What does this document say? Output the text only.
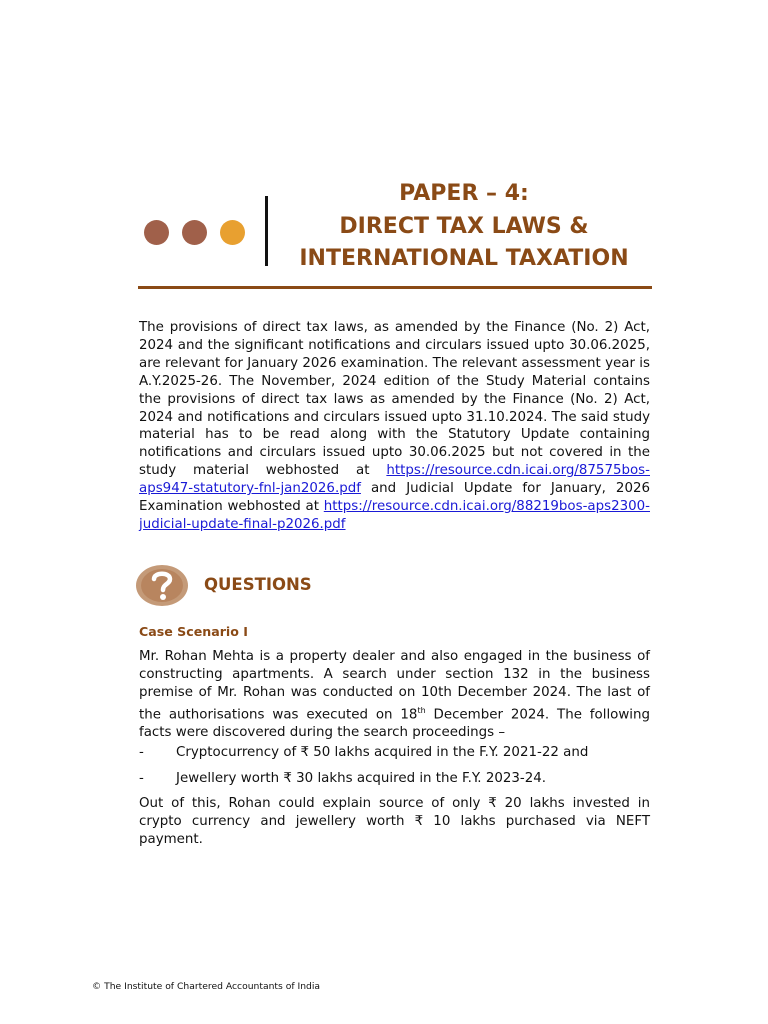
PAPER – 4:
DIRECT TAX LAWS &
INTERNATIONAL TAXATION
The provisions of direct tax laws, as amended by the Finance (No. 2) Act, 2024 and the significant notifications and circulars issued upto 30.06.2025, are relevant for January 2026 examination. The relevant assessment year is A.Y.2025-26. The November, 2024 edition of the Study Material contains the provisions of direct tax laws as amended by the Finance (No. 2) Act, 2024 and notifications and circulars issued upto 31.10.2024. The said study material has to be read along with the Statutory Update containing notifications and circulars issued upto 30.06.2025 but not covered in the study material webhosted at https://resource.cdn.icai.org/87575bos-aps947-statutory-fnl-jan2026.pdf and Judicial Update for January, 2026 Examination webhosted at https://resource.cdn.icai.org/88219bos-aps2300-judicial-update-final-p2026.pdf
QUESTIONS
Case Scenario I
Mr. Rohan Mehta is a property dealer and also engaged in the business of constructing apartments. A search under section 132 in the business premise of Mr. Rohan was conducted on 10th December 2024. The last of the authorisations was executed on 18th December 2024. The following facts were discovered during the search proceedings –
- Cryptocurrency of ₹ 50 lakhs acquired in the F.Y. 2021-22 and
- Jewellery worth ₹ 30 lakhs acquired in the F.Y. 2023-24.
Out of this, Rohan could explain source of only ₹ 20 lakhs invested in crypto currency and jewellery worth ₹ 10 lakhs purchased via NEFT payment.
© The Institute of Chartered Accountants of India
